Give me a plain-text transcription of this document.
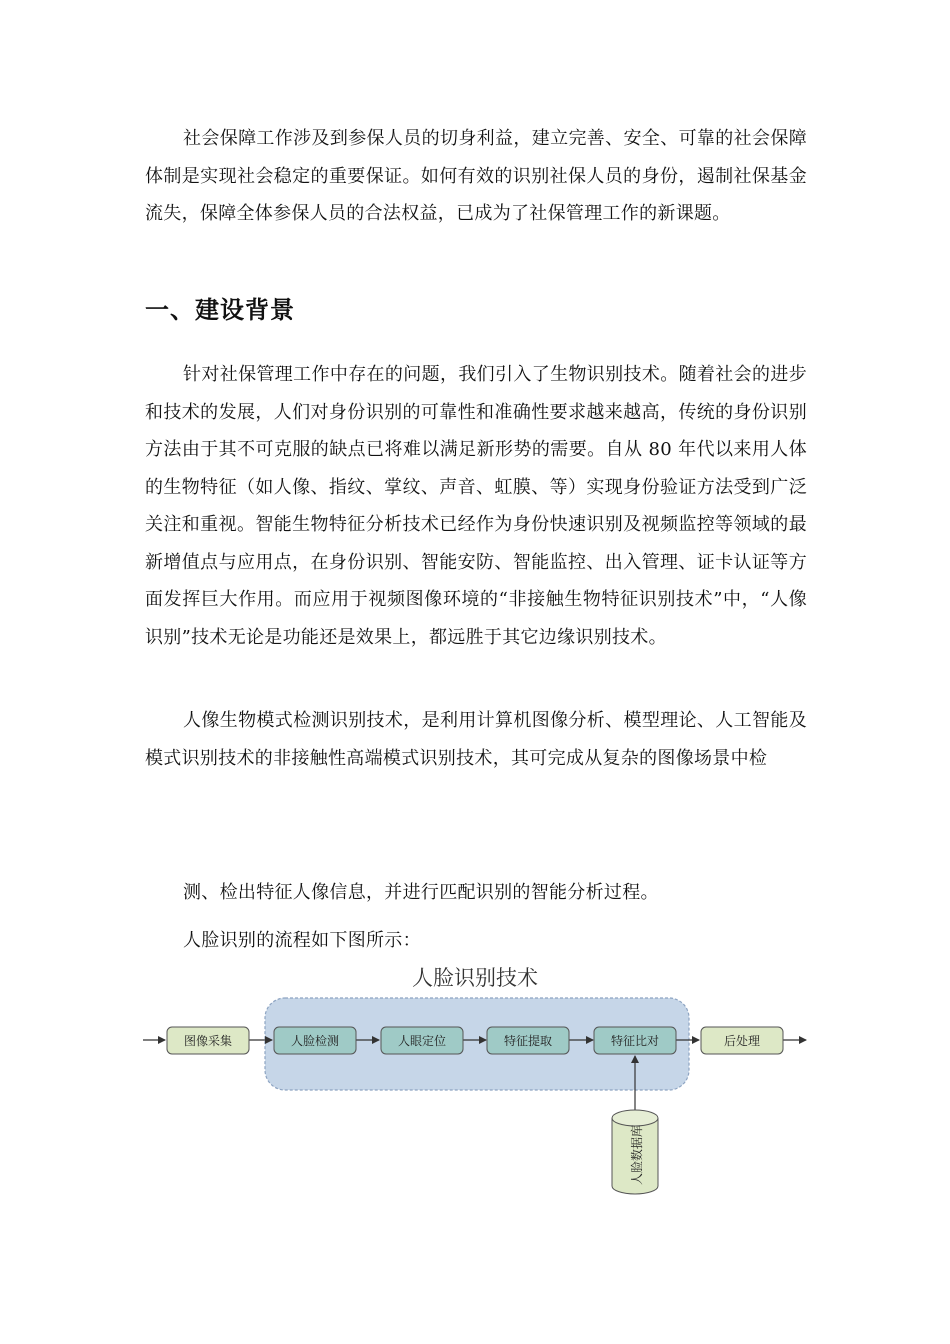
社会保障工作涉及到参保人员的切身利益，建立完善、安全、可靠的社会保障体制是实现社会稳定的重要保证。如何有效的识别社保人员的身份，遏制社保基金流失，保障全体参保人员的合法权益，已成为了社保管理工作的新课题。

一、建设背景

针对社保管理工作中存在的问题，我们引入了生物识别技术。随着社会的进步和技术的发展，人们对身份识别的可靠性和准确性要求越来越高，传统的身份识别方法由于其不可克服的缺点已将难以满足新形势的需要。自从 80 年代以来用人体的生物特征（如人像、指纹、掌纹、声音、虹膜、等）实现身份验证方法受到广泛关注和重视。智能生物特征分析技术已经作为身份快速识别及视频监控等领域的最新增值点与应用点，在身份识别、智能安防、智能监控、出入管理、证卡认证等方面发挥巨大作用。而应用于视频图像环境的“非接触生物特征识别技术”中，“人像识别”技术无论是功能还是效果上，都远胜于其它边缘识别技术。

人像生物模式检测识别技术，是利用计算机图像分析、模型理论、人工智能及模式识别技术的非接触性高端模式识别技术，其可完成从复杂的图像场景中检

测、检出特征人像信息，并进行匹配识别的智能分析过程。

人脸识别的流程如下图所示：

人脸识别技术
图像采集	人脸检测	人眼定位	特征提取	特征比对	后处理
人脸数据库
